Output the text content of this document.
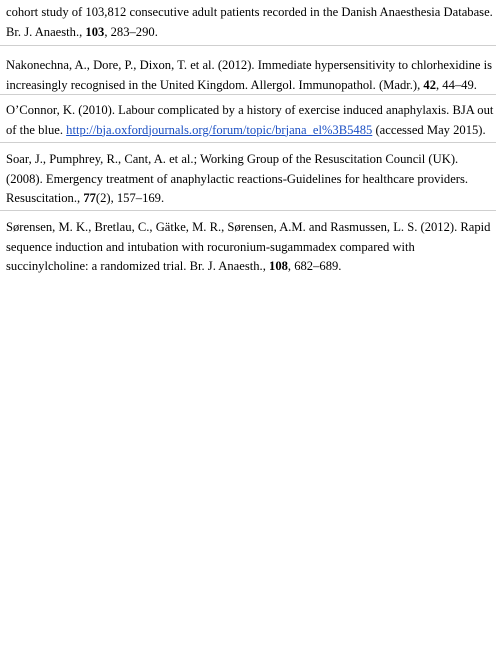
cohort study of 103,812 consecutive adult patients recorded in the Danish Anaesthesia Database. Br. J. Anaesth., 103, 283–290.
Nakonechna, A., Dore, P., Dixon, T. et al. (2012). Immediate hypersensitivity to chlorhexidine is increasingly recognised in the United Kingdom. Allergol. Immunopathol. (Madr.), 42, 44–49.
O’Connor, K. (2010). Labour complicated by a history of exercise induced anaphylaxis. BJA out of the blue. http://bja.oxfordjournals.org/forum/topic/brjana_el%3B5485 (accessed May 2015).
Soar, J., Pumphrey, R., Cant, A. et al.; Working Group of the Resuscitation Council (UK). (2008). Emergency treatment of anaphylactic reactions-Guidelines for healthcare providers. Resuscitation., 77(2), 157–169.
Sørensen, M. K., Bretlau, C., Gätke, M. R., Sørensen, A.M. and Rasmussen, L. S. (2012). Rapid sequence induction and intubation with rocuronium-sugammadex compared with succinylcholine: a randomized trial. Br. J. Anaesth., 108, 682–689.
